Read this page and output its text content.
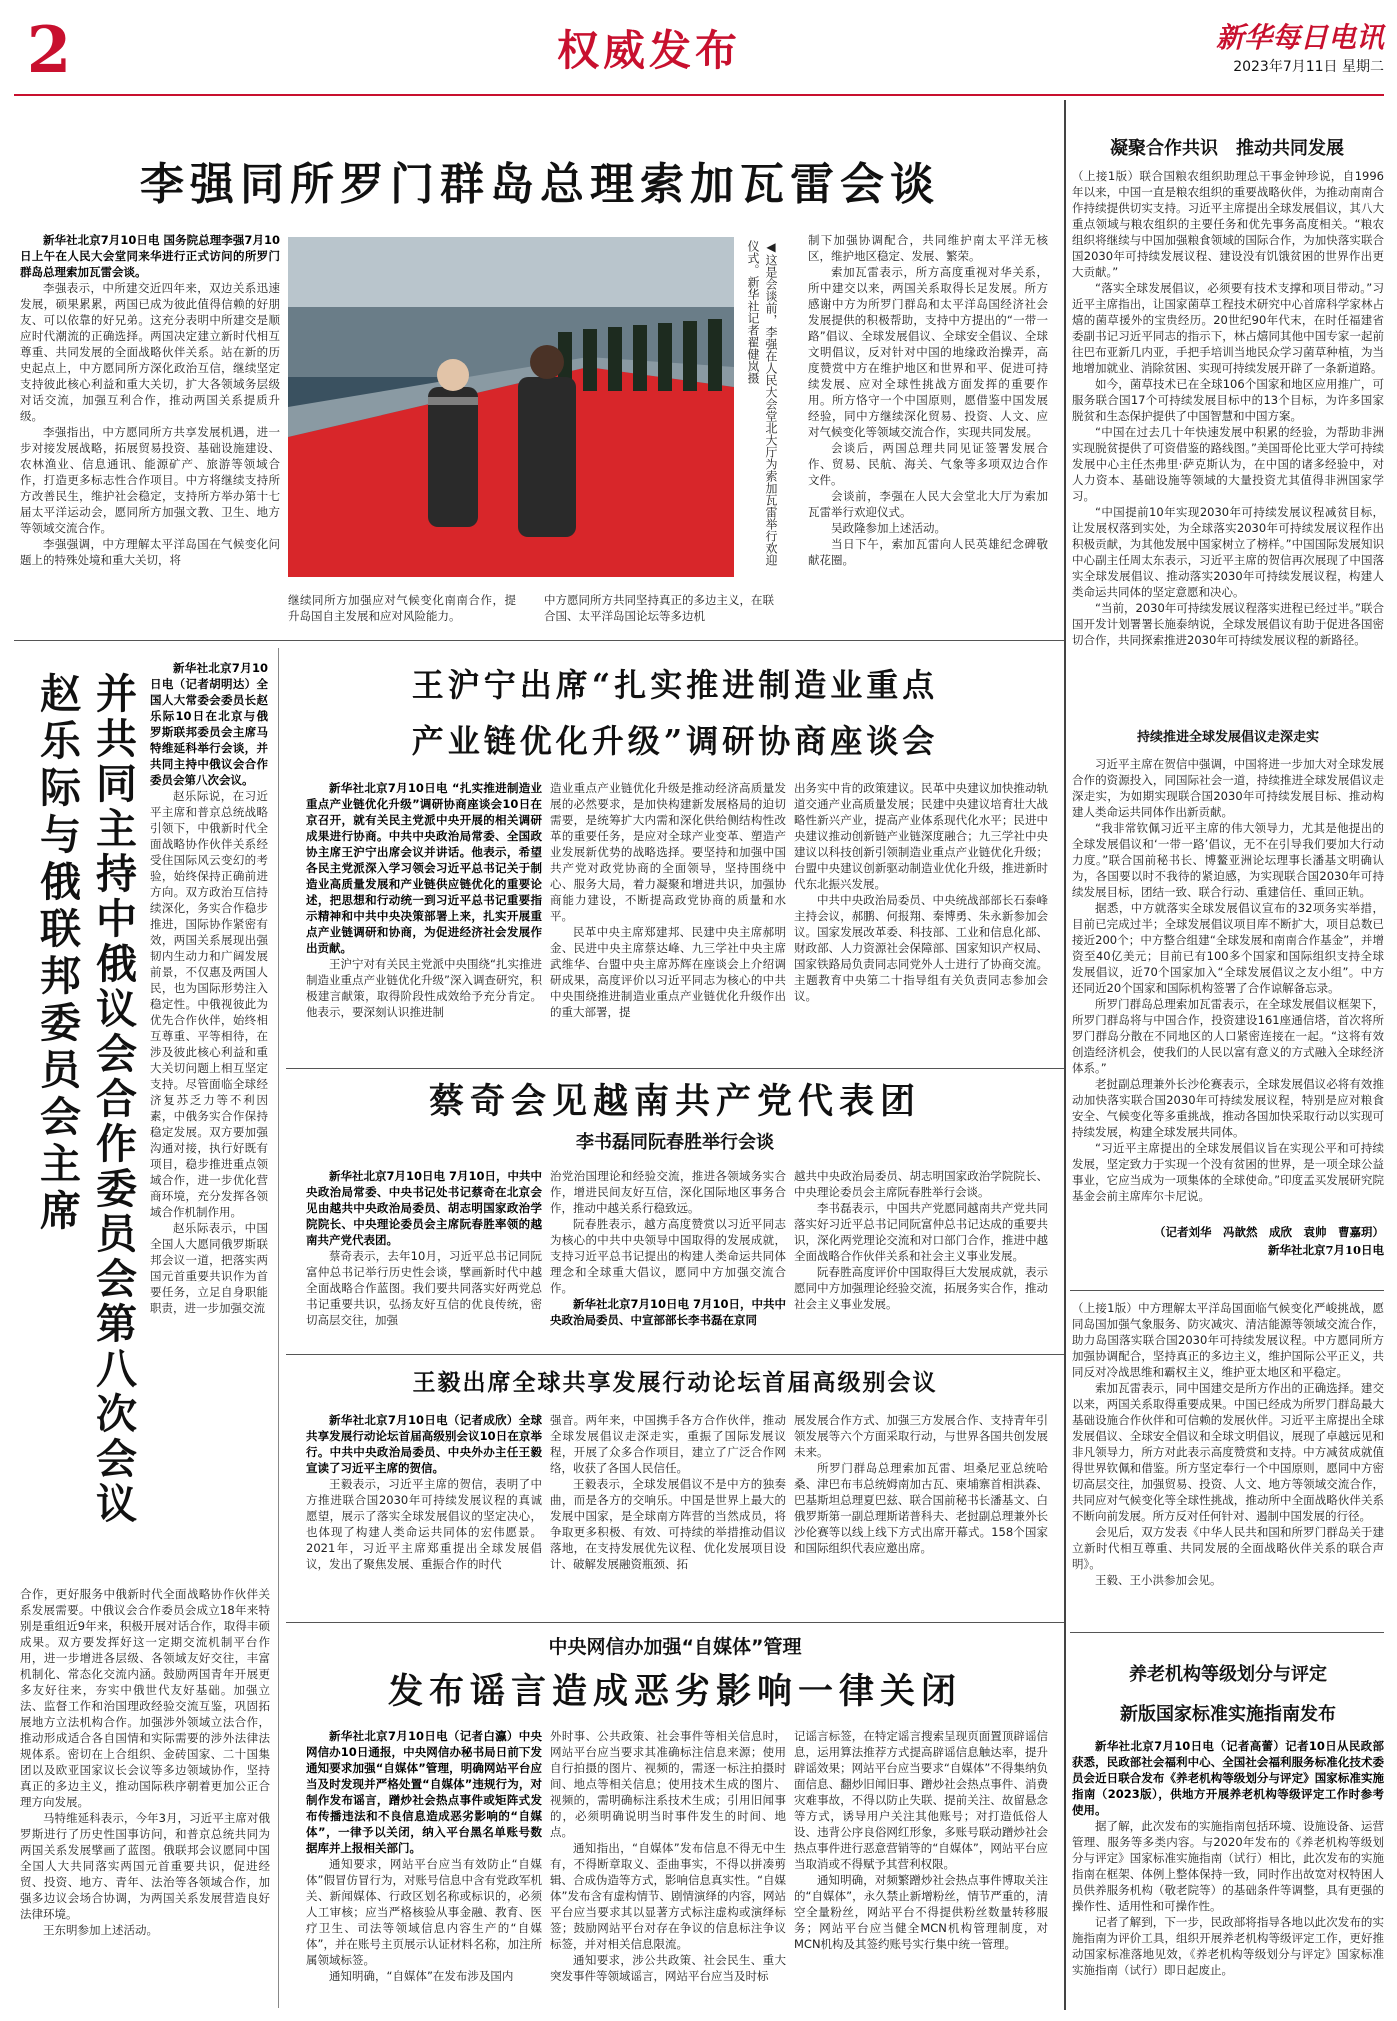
2	权威发布	新华每日电讯
2023年7月11日 星期二
李强同所罗门群岛总理索加瓦雷会谈

新华社北京7月10日电 国务院总理李强7月10日上午在人民大会堂同来华进行正式访问的所罗门群岛总理索加瓦雷会谈。

李强表示，中所建交近四年来，双边关系迅速发展，硕果累累，两国已成为彼此值得信赖的好朋友、可以依靠的好兄弟。这充分表明中所建交是顺应时代潮流的正确选择。两国决定建立新时代相互尊重、共同发展的全面战略伙伴关系。站在新的历史起点上，中方愿同所方深化政治互信，继续坚定支持彼此核心利益和重大关切，扩大各领域务层级对话交流，加强互利合作，推动两国关系提质升级。

李强指出，中方愿同所方共享发展机遇，进一步对接发展战略，拓展贸易投资、基础设施建设、农林渔业、信息通讯、能源矿产、旅游等领域合作，打造更多标志性合作项目。中方将继续支持所方改善民生，维护社会稳定，支持所方举办第十七届太平洋运动会，愿同所方加强文教、卫生、地方等领域交流合作。

李强强调，中方理解太平洋岛国在气候变化问题上的特殊处境和重大关切，将	◀这是会谈前，李强在人民大会堂北大厅为索加瓦雷举行欢迎仪式。新华社记者翟健岚摄

继续同所方加强应对气候变化南南合作，提升岛国自主发展和应对风险能力。

中方愿同所方共同坚持真正的多边主义，在联合国、太平洋岛国论坛等多边机

制下加强协调配合，共同维护南太平洋无核区，维护地区稳定、发展、繁荣。

索加瓦雷表示，所方高度重视对华关系，所中建交以来，两国关系取得长足发展。所方感谢中方为所罗门群岛和太平洋岛国经济社会发展提供的积极帮助，支持中方提出的“一带一路”倡议、全球发展倡议、全球安全倡议、全球文明倡议，反对针对中国的地缘政治操弄，高度赞赏中方在维护地区和世界和平、促进可持续发展、应对全球性挑战方面发挥的重要作用。所方恪守一个中国原则，愿借鉴中国发展经验，同中方继续深化贸易、投资、人文、应对气候变化等领域交流合作，实现共同发展。

会谈后，两国总理共同见证签署发展合作、贸易、民航、海关、气象等多项双边合作文件。

会谈前，李强在人民大会堂北大厅为索加瓦雷举行欢迎仪式。

吴政隆参加上述活动。

当日下午，索加瓦雷向人民英雄纪念碑敬献花圈。

赵乐际与俄联邦委员会主席 并共同主持中俄议会合作委员会第八次会议

新华社北京7月10日电（记者胡明达）全国人大常委会委员长赵乐际10日在北京与俄罗斯联邦委员会主席马特维延科举行会谈，并共同主持中俄议会合作委员会第八次会议。

赵乐际说，在习近平主席和普京总统战略引领下，中俄新时代全面战略协作伙伴关系经受住国际风云变幻的考验，始终保持正确前进方向。双方政治互信持续深化，务实合作稳步推进，国际协作紧密有效，两国关系展现出强韧内生动力和广阔发展前景，不仅惠及两国人民，也为国际形势注入稳定性。中俄视彼此为优先合作伙伴，始终相互尊重、平等相待，在涉及彼此核心利益和重大关切问题上相互坚定支持。尽管面临全球经济复苏乏力等不利因素，中俄务实合作保持稳定发展。双方要加强沟通对接，执行好既有项目，稳步推进重点领域合作，进一步优化营商环境，充分发挥各领域合作机制作用。

赵乐际表示，中国全国人大愿同俄罗斯联邦会议一道，把落实两国元首重要共识作为首要任务，立足自身职能职责，进一步加强交流

合作，更好服务中俄新时代全面战略协作伙伴关系发展需要。中俄议会合作委员会成立18年来特别是重组近9年来，积极开展对话合作，取得丰硕成果。双方要发挥好这一定期交流机制平台作用，进一步增进各层级、各领域友好交往，丰富机制化、常态化交流内涵。鼓励两国青年开展更多友好往来，夯实中俄世代友好基础。加强立法、监督工作和治国理政经验交流互鉴，巩固拓展地方立法机构合作。加强涉外领域立法合作，推动形成适合各自国情和实际需要的涉外法律法规体系。密切在上合组织、金砖国家、二十国集团以及欧亚国家议长会议等多边领域协作，坚持真正的多边主义，推动国际秩序朝着更加公正合理方向发展。

马特维延科表示，今年3月，习近平主席对俄罗斯进行了历史性国事访问，和普京总统共同为两国关系发展擘画了蓝图。俄联邦会议愿同中国全国人大共同落实两国元首重要共识，促进经贸、投资、地方、青年、法治等各领域合作，加强多边议会场合协调，为两国关系发展营造良好法律环境。

王东明参加上述活动。

王沪宁出席“扎实推进制造业重点
产业链优化升级”调研协商座谈会

新华社北京7月10日电 “扎实推进制造业重点产业链优化升级”调研协商座谈会10日在京召开，就有关民主党派中央开展的相关调研成果进行协商。中共中央政治局常委、全国政协主席王沪宁出席会议并讲话。他表示，希望各民主党派深入学习领会习近平总书记关于制造业高质量发展和产业链供应链优化的重要论述，把思想和行动统一到习近平总书记重要指示精神和中共中央决策部署上来，扎实开展重点产业链调研和协商，为促进经济社会发展作出贡献。

王沪宁对有关民主党派中央围绕“扎实推进制造业重点产业链优化升级”深入调查研究，积极建言献策，取得阶段性成效给予充分肯定。他表示，要深刻认识推进制

造业重点产业链优化升级是推动经济高质量发展的必然要求，是加快构建新发展格局的迫切需要，是统筹扩大内需和深化供给侧结构性改革的重要任务，是应对全球产业变革、塑造产业发展新优势的战略选择。要坚持和加强中国共产党对政党协商的全面领导，坚持围绕中心、服务大局，着力凝聚和增进共识，加强协商能力建设，不断提高政党协商的质量和水平。

民革中央主席郑建邦、民建中央主席郝明金、民进中央主席蔡达峰、九三学社中央主席武维华、台盟中央主席苏辉在座谈会上介绍调研成果，高度评价以习近平同志为核心的中共中央围绕推进制造业重点产业链优化升级作出的重大部署，提

出务实中肯的政策建议。民革中央建议加快推动轨道交通产业高质量发展；民建中央建议培育壮大战略性新兴产业，提高产业体系现代化水平；民进中央建议推动创新链产业链深度融合；九三学社中央建议以科技创新引领制造业重点产业链优化升级；台盟中央建议创新驱动制造业优化升级，推进新时代东北振兴发展。

中共中央政治局委员、中央统战部部长石泰峰主持会议，郝鹏、何报翔、秦博勇、朱永新参加会议。国家发展改革委、科技部、工业和信息化部、财政部、人力资源社会保障部、国家知识产权局、国家铁路局负责同志同党外人士进行了协商交流。主题教育中央第二十指导组有关负责同志参加会议。

蔡奇会见越南共产党代表团
李书磊同阮春胜举行会谈

新华社北京7月10日电 7月10日，中共中央政治局常委、中央书记处书记蔡奇在北京会见由越共中央政治局委员、胡志明国家政治学院院长、中央理论委员会主席阮春胜率领的越南共产党代表团。

蔡奇表示，去年10月，习近平总书记同阮富仲总书记举行历史性会谈，擘画新时代中越全面战略合作蓝图。我们要共同落实好两党总书记重要共识，弘扬友好互信的优良传统，密切高层交往，加强

治党治国理论和经验交流，推进各领域务实合作，增进民间友好互信，深化国际地区事务合作，推动中越关系行稳致远。

阮春胜表示，越方高度赞赏以习近平同志为核心的中共中央领导中国取得的发展成就，支持习近平总书记提出的构建人类命运共同体理念和全球重大倡议，愿同中方加强交流合作。

新华社北京7月10日电 7月10日，中共中央政治局委员、中宣部部长李书磊在京同

越共中央政治局委员、胡志明国家政治学院院长、中央理论委员会主席阮春胜举行会谈。

李书磊表示，中国共产党愿同越南共产党共同落实好习近平总书记同阮富仲总书记达成的重要共识，深化两党理论交流和对口部门合作，推进中越全面战略合作伙伴关系和社会主义事业发展。

阮春胜高度评价中国取得巨大发展成就，表示愿同中方加强理论经验交流，拓展务实合作，推动社会主义事业发展。

王毅出席全球共享发展行动论坛首届高级别会议

新华社北京7月10日电（记者成欣）全球共享发展行动论坛首届高级别会议10日在京举行。中共中央政治局委员、中央外办主任王毅宣读了习近平主席的贺信。

王毅表示，习近平主席的贺信，表明了中方推进联合国2030年可持续发展议程的真诚愿望，展示了落实全球发展倡议的坚定决心，也体现了构建人类命运共同体的宏伟愿景。2021年，习近平主席郑重提出全球发展倡议，发出了聚焦发展、重振合作的时代

强音。两年来，中国携手各方合作伙伴，推动全球发展倡议走深走实，重振了国际发展议程，开展了众多合作项目，建立了广泛合作网络，收获了各国人民信任。

王毅表示，全球发展倡议不是中方的独奏曲，而是各方的交响乐。中国是世界上最大的发展中国家，是全球南方阵营的当然成员，将争取更多积极、有效、可持续的举措推动倡议落地，在支持发展优先议程、优化发展项目设计、破解发展融资瓶颈、拓

展发展合作方式、加强三方发展合作、支持青年引领发展等六个方面采取行动，与世界各国共创发展未来。

所罗门群岛总理索加瓦雷、坦桑尼亚总统哈桑、津巴布韦总统姆南加古瓦、柬埔寨首相洪森、巴基斯坦总理夏巴兹、联合国前秘书长潘基文、白俄罗斯第一副总理斯诺普科夫、老挝副总理兼外长沙伦赛等以线上线下方式出席开幕式。158个国家和国际组织代表应邀出席。

中央网信办加强“自媒体”管理
发布谣言造成恶劣影响一律关闭

新华社北京7月10日电（记者白瀛）中央网信办10日通报，中央网信办秘书局日前下发通知要求加强“自媒体”管理，明确网站平台应当及时发现并严格处置“自媒体”违规行为，对制作发布谣言，蹭炒社会热点事件或矩阵式发布传播违法和不良信息造成恶劣影响的“自媒体”，一律予以关闭，纳入平台黑名单账号数据库并上报相关部门。

通知要求，网站平台应当有效防止“自媒体”假冒仿冒行为，对账号信息中含有党政军机关、新闻媒体、行政区划名称或标识的，必须人工审核；应当严格核验从事金融、教育、医疗卫生、司法等领域信息内容生产的“自媒体”，并在账号主页展示认证材料名称，加注所属领域标签。

通知明确，“自媒体”在发布涉及国内

外时事、公共政策、社会事件等相关信息时，网站平台应当要求其准确标注信息来源；使用自行拍摄的图片、视频的，需逐一标注拍摄时间、地点等相关信息；使用技术生成的图片、视频的，需明确标注系技术生成；引用旧闻事的，必须明确说明当时事件发生的时间、地点。

通知指出，“自媒体”发布信息不得无中生有，不得断章取义、歪曲事实，不得以拼凑剪辑、合成伪造等方式，影响信息真实性。“自媒体”发布含有虚构情节、剧情演绎的内容，网站平台应当要求其以显著方式标注虚构或演绎标签；鼓励网站平台对存在争议的信息标注争议标签，并对相关信息限流。

通知要求，涉公共政策、社会民生、重大突发事件等领域谣言，网站平台应当及时标

记谣言标签，在特定谣言搜索呈现页面置顶辟谣信息，运用算法推荐方式提高辟谣信息触达率，提升辟谣效果；网站平台应当要求“自媒体”不得集纳负面信息、翻炒旧闻旧事、蹭炒社会热点事件、消费灾难事故，不得以防止失联、提前关注、故留悬念等方式，诱导用户关注其他账号；对打造低俗人设、违背公序良俗网红形象，多账号联动蹭炒社会热点事件进行恶意营销等的“自媒体”，网站平台应当取消或不得赋予其营利权限。

通知明确，对频繁蹭炒社会热点事件博取关注的“自媒体”，永久禁止新增粉丝，情节严重的，清空全量粉丝，网站平台不得提供粉丝数量转移服务；网站平台应当健全MCN机构管理制度，对MCN机构及其签约账号实行集中统一管理。

凝聚合作共识　推动共同发展

（上接1版）联合国粮农组织助理总干事金钟珍说，自1996年以来，中国一直是粮农组织的重要战略伙伴，为推动南南合作持续提供切实支持。习近平主席提出全球发展倡议，其八大重点领域与粮农组织的主要任务和优先事务高度相关。“粮农组织将继续与中国加强粮食领域的国际合作，为加快落实联合国2030年可持续发展议程、建设没有饥饿贫困的世界作出更大贡献。”

“落实全球发展倡议，必须要有技术支撑和项目带动。”习近平主席指出，让国家菌草工程技术研究中心首席科学家林占熺的菌草援外的宝贵经历。20世纪90年代末，在时任福建省委副书记习近平同志的指示下，林占熺同其他中国专家一起前往巴布亚新几内亚，手把手培训当地民众学习菌草种植，为当地增加就业、消除贫困、实现可持续发展开辟了一条新道路。

如今，菌草技术已在全球106个国家和地区应用推广，可服务联合国17个可持续发展目标中的13个目标，为许多国家脱贫和生态保护提供了中国智慧和中国方案。

“中国在过去几十年快速发展中积累的经验，为帮助非洲实现脱贫提供了可资借鉴的路线图。”美国哥伦比亚大学可持续发展中心主任杰弗里·萨克斯认为，在中国的诸多经验中，对人力资本、基础设施等领域的大量投资尤其值得非洲国家学习。

“中国提前10年实现2030年可持续发展议程减贫目标，让发展权落到实处，为全球落实2030年可持续发展议程作出积极贡献，为其他发展中国家树立了榜样。”中国国际发展知识中心副主任周太东表示，习近平主席的贺信再次展现了中国落实全球发展倡议、推动落实2030年可持续发展议程，构建人类命运共同体的坚定意愿和决心。

“当前，2030年可持续发展议程落实进程已经过半。”联合国开发计划署署长施泰纳说，全球发展倡议有助于促进各国密切合作，共同探索推进2030年可持续发展议程的新路径。

持续推进全球发展倡议走深走实

习近平主席在贺信中强调，中国将进一步加大对全球发展合作的资源投入，同国际社会一道，持续推进全球发展倡议走深走实，为如期实现联合国2030年可持续发展目标、推动构建人类命运共同体作出新贡献。

“我非常钦佩习近平主席的伟大领导力，尤其是他提出的全球发展倡议和‘一带一路’倡议，无不在引导我们要加大行动力度。”联合国前秘书长、博鳌亚洲论坛理事长潘基文明确认为，各国要以时不我待的紧迫感，为实现联合国2030年可持续发展目标，团结一致、联合行动、重建信任、重回正轨。

据悉，中方就落实全球发展倡议宣布的32项务实举措，目前已完成过半；全球发展倡议项目库不断扩大，项目总数已接近200个；中方整合组建“全球发展和南南合作基金”，并增资至40亿美元；目前已有100多个国家和国际组织支持全球发展倡议，近70个国家加入“全球发展倡议之友小组”。中方还同近20个国家和国际机构签署了合作谅解备忘录。

所罗门群岛总理索加瓦雷表示，在全球发展倡议框架下，所罗门群岛将与中国合作，投资建设161座通信塔，首次将所罗门群岛分散在不同地区的人口紧密连接在一起。“这将有效创造经济机会，使我们的人民以富有意义的方式融入全球经济体系。”

老挝副总理兼外长沙伦赛表示，全球发展倡议必将有效推动加快落实联合国2030年可持续发展议程，特别是应对粮食安全、气候变化等多重挑战，推动各国加快采取行动以实现可持续发展，构建全球发展共同体。

“习近平主席提出的全球发展倡议旨在实现公平和可持续发展，坚定致力于实现一个没有贫困的世界，是一项全球公益事业，它应当成为一项集体的全球使命。”印度孟买发展研究院基金会前主席库尔卡尼说。

（记者刘华　冯歆然　成欣　袁帅　曹嘉玥）
新华社北京7月10日电

（上接1版）中方理解太平洋岛国面临气候变化严峻挑战，愿同岛国加强气象服务、防灾减灾、清洁能源等领域交流合作，助力岛国落实联合国2030年可持续发展议程。中方愿同所方加强协调配合，坚持真正的多边主义，维护国际公平正义，共同反对冷战思维和霸权主义，维护亚太地区和平稳定。

索加瓦雷表示，同中国建交是所方作出的正确选择。建交以来，两国关系取得重要成果。中国已经成为所罗门群岛最大基础设施合作伙伴和可信赖的发展伙伴。习近平主席提出全球发展倡议、全球安全倡议和全球文明倡议，展现了卓越远见和非凡领导力，所方对此表示高度赞赏和支持。中方减贫成就值得世界钦佩和借鉴。所方坚定奉行一个中国原则，愿同中方密切高层交往，加强贸易、投资、人文、地方等领域交流合作，共同应对气候变化等全球性挑战，推动所中全面战略伙伴关系不断向前发展。所方反对任何针对、遏制中国发展的行径。

会见后，双方发表《中华人民共和国和所罗门群岛关于建立新时代相互尊重、共同发展的全面战略伙伴关系的联合声明》。

王毅、王小洪参加会见。

养老机构等级划分与评定
新版国家标准实施指南发布

新华社北京7月10日电（记者高蕾）记者10日从民政部获悉，民政部社会福利中心、全国社会福利服务标准化技术委员会近日联合发布《养老机构等级划分与评定》国家标准实施指南（2023版），供地方开展养老机构等级评定工作时参考使用。

据了解，此次发布的实施指南包括环境、设施设备、运营管理、服务等多类内容。与2020年发布的《养老机构等级划分与评定》国家标准实施指南（试行）相比，此次发布的实施指南在框架、体例上整体保持一致，同时作出故宽对权特困人员供养服务机构（敬老院等）的基础条件等调整，具有更强的操作性、适用性和可操作性。

记者了解到，下一步，民政部将指导各地以此次发布的实施指南为评价工具，组织开展养老机构等级评定工作，更好推动国家标准落地见效，《养老机构等级划分与评定》国家标准实施指南（试行）即日起废止。
